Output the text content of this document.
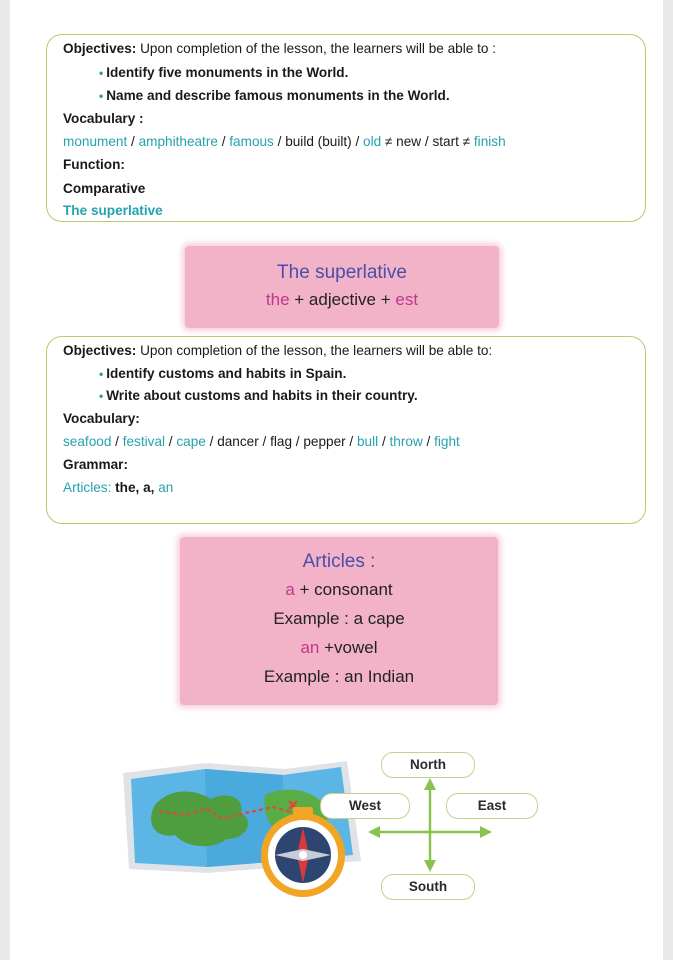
Objectives: Upon completion of the lesson, the learners will be able to :
• Identify five monuments in the World.
• Name and describe famous monuments in the World.
Vocabulary :
monument / amphitheatre / famous / build (built) / old ≠ new / start ≠ finish
Function:
Comparative
The superlative
The superlative
the + adjective + est
Objectives: Upon completion of the lesson, the learners will be able to:
• Identify customs and habits in Spain.
• Write about customs and habits in their country.
Vocabulary:
seafood / festival / cape / dancer / flag / pepper / bull / throw / fight
Grammar:
Articles: the, a, an
Articles :
a + consonant
Example : a cape
an +vowel
Example : an Indian
North
West	East
South
